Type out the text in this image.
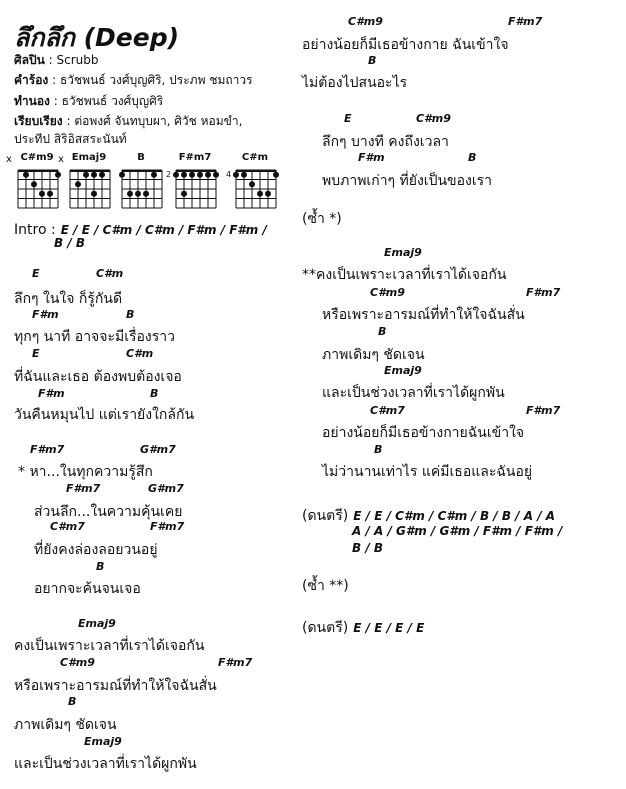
ลึกลึก (Deep)
ศิลปิน : Scrubb
คำร้อง : ธวัชพนธ์ วงศ์บุญศิริ, ประภพ ชมถาวร
ทำนอง : ธวัชพนธ์ วงศ์บุญศิริ
เรียบเรียง : ต่อพงศ์ จันทบุบผา, ศิวัช หอมขำ,
ประทีป สิริอิสสระนันท์
C#m9
x	Emaj9
x	B	F#m7
2
C#m
4
Intro : E / E / C#m / C#m / F#m / F#m /
B / B
E	C#m
ลึกๆ ในใจ ก็รู้กันดี
F#m	B
ทุกๆ นาที อาจจะมีเรื่องราว
E	C#m
ที่ฉันและเธอ ต้องพบต้องเจอ
F#m	B
วันคืนหมุนไป แต่เรายังใกล้กัน
F#m7	G#m7
* หา...ในทุกความรู้สึก
F#m7	G#m7
ส่วนลึก...ในความคุ้นเคย
C#m7	F#m7
ที่ยังคงล่องลอยวนอยู่
B
อยากจะค้นจนเจอ
Emaj9
คงเป็นเพราะเวลาที่เราได้เจอกัน
C#m9	F#m7
หรือเพราะอารมณ์ที่ทำให้ใจฉันสั่น
B
ภาพเดิมๆ ชัดเจน
Emaj9
และเป็นช่วงเวลาที่เราได้ผูกพัน
C#m9	F#m7
อย่างน้อยก็มีเธอข้างกาย ฉันเข้าใจ
B
ไม่ต้องไปสนอะไร
E	C#m9
ลึกๆ บางที คงถึงเวลา
F#m	B
พบภาพเก่าๆ ที่ยังเป็นของเรา
(ซ้ำ *)
Emaj9
**คงเป็นเพราะเวลาที่เราได้เจอกัน
C#m9	F#m7
หรือเพราะอารมณ์ที่ทำให้ใจฉันสั่น
B
ภาพเดิมๆ ชัดเจน
Emaj9
และเป็นช่วงเวลาที่เราได้ผูกพัน
C#m7	F#m7
อย่างน้อยก็มีเธอข้างกายฉันเข้าใจ
B
ไม่ว่านานเท่าไร แค่มีเธอและฉันอยู่
(ดนตรี) E / E / C#m / C#m / B / B / A / A
A / A / G#m / G#m / F#m / F#m /
B / B
(ซ้ำ **)
(ดนตรี) E / E / E / E
